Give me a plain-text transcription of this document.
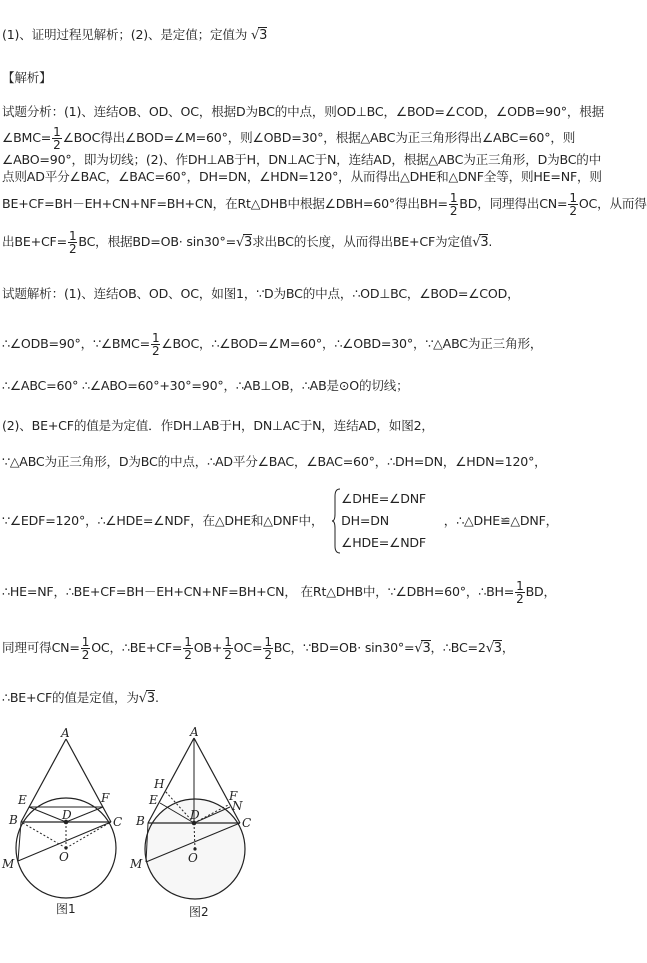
(1)、证明过程见解析；(2)、是定值；定值为 √3
【解析】
试题分析：(1)、连结OB、OD、OC，根据D为BC的中点，则OD⊥BC，∠BOD=∠COD，∠ODB=90°，根据
∠BMC= $\frac{1}{2}$ ∠BOC得出∠BOD=∠M=60°，则∠OBD=30°，根据△ABC为正三角形得出∠ABC=60°，则
∠ABO=90°，即为切线；(2)、作DH⊥AB于H，DN⊥AC于N，连结AD，根据△ABC为正三角形，D为BC的中
点则AD平分∠BAC，∠BAC=60°，DH=DN，∠HDN=120°，从而得出△DHE和△DNF全等，则HE=NF，则
BE+CF=BH－EH+CN+NF=BH+CN，在Rt△DHB中根据∠DBH=60°得出$BH= \frac{1}{2}$ BD，同理得出$CN= \frac{1}{2}$ OC，从而得
出$BE+CF= \frac{1}{2}$ BC，根据BD=OB· sin30°=√3求出BC的长度，从而得出BE+CF为定值√3.
试题解析：(1)、连结OB、OD、OC，如图1，∵D为BC的中点，∴OD⊥BC，∠BOD=∠COD，
∴∠ODB=90°，∵∠BMC= $\frac{1}{2}$ ∠BOC，∴∠BOD=∠M=60°，∴∠OBD=30°，∵△ABC为正三角形，
∴∠ABC=60° ∴∠ABO=60°+30°=90°，∴AB⊥OB，∴AB是⊙O的切线；
(2)、BE+CF的值是为定值．作DH⊥AB于H，DN⊥AC于N，连结AD，如图2，
∵△ABC为正三角形，D为BC的中点，∴AD平分∠BAC，∠BAC=60°，∴DH=DN，∠HDN=120°，
∵∠EDF=120°，∴∠HDE=∠NDF，在△DHE和△DNF中，
∠DHE=∠DNF
DH=DN
∠HDE=∠NDF
，∴△DHE≌△DNF，
∴HE=NF，∴BE+CF=BH－EH+CN+NF=BH+CN， 在Rt△DHB中，∵∠DBH=60°，∴BH= $\frac{1}{2}$ BD，
同理可得$CN= \frac{1}{2}$ OC，∴BE+CF= $\frac{1}{2} OB+ \frac{1}{2} OC= \frac{1}{2}$ BC，∵BD=OB· sin30°=√3，∴BC=2√3，
∴BE+CF的值是定值，为√3.
A
E	F
B	D	C
O
M
图1
A
H
E	F
N
B	D
C
O
M
图2
